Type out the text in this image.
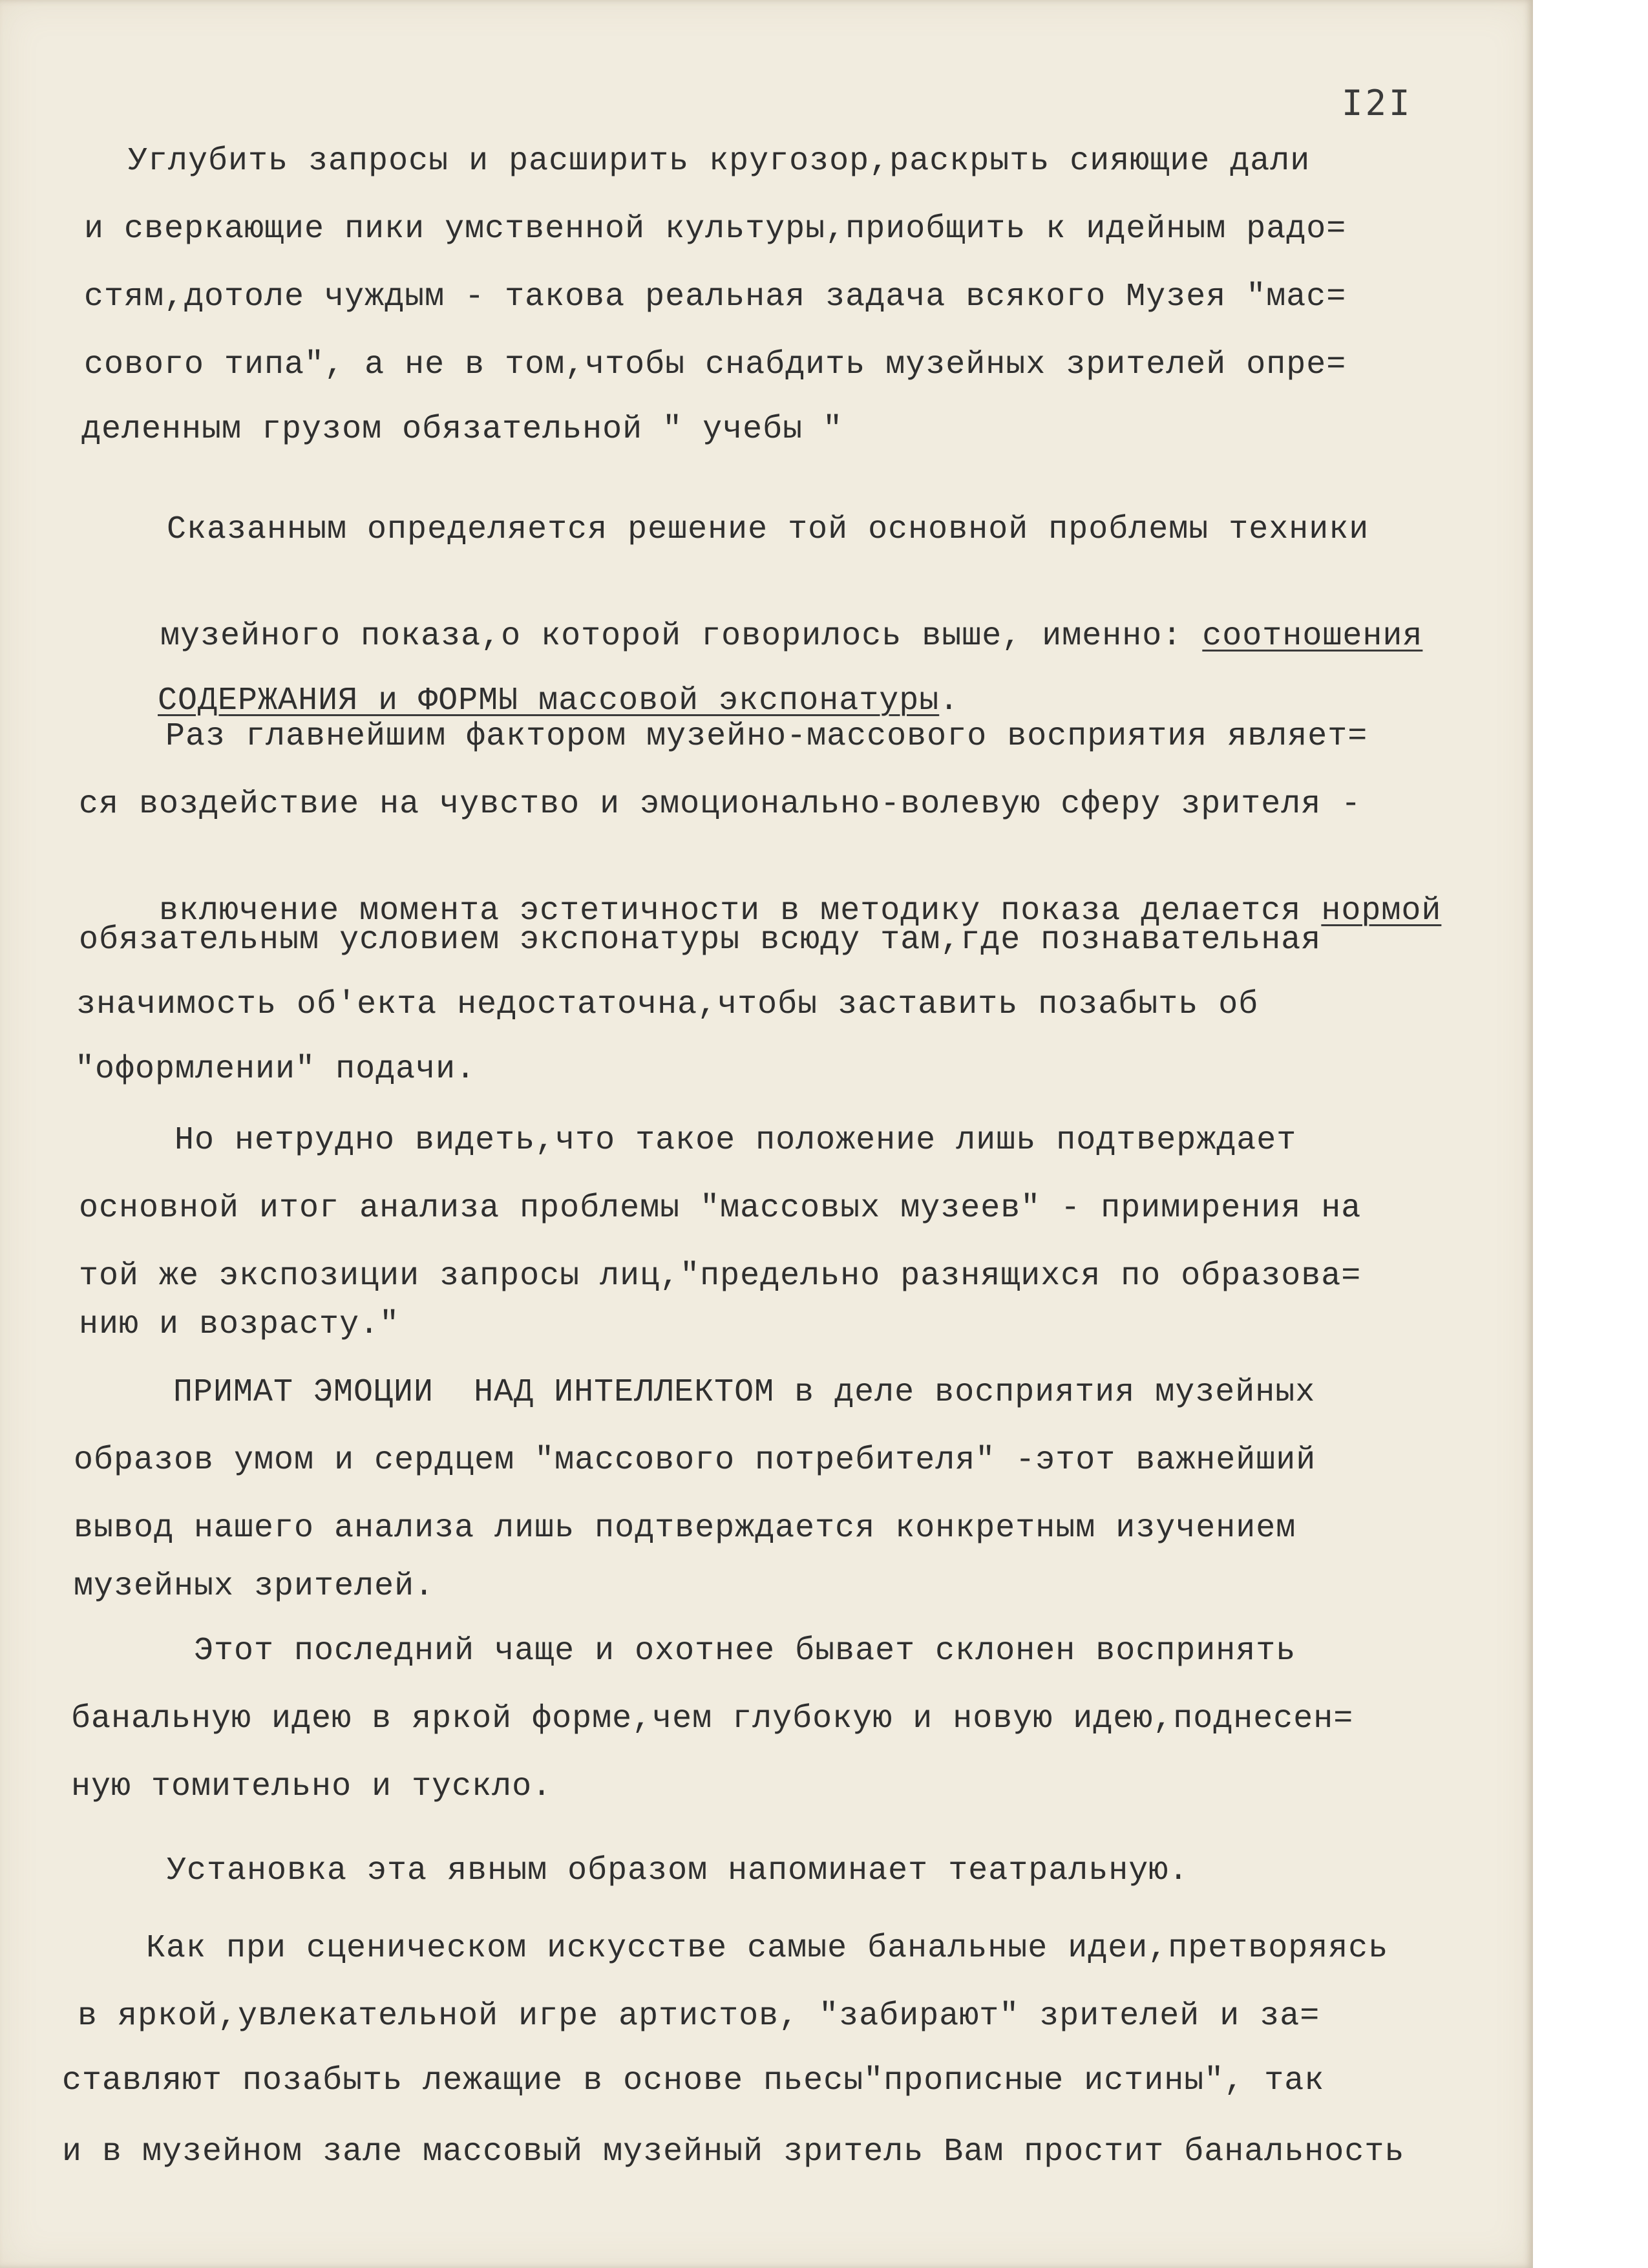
I2I
Углубить запросы и расширить кругозор,раскрыть сияющие дали
и сверкающие пики умственной культуры,приобщить к идейным радо=
стям,дотоле чуждым - такова реальная задача всякого Музея "мас=
сового типа", а не в том,чтобы снабдить музейных зрителей опре=
деленным грузом обязательной " учебы "
Сказанным определяется решение той основной проблемы техники

музейного показа,о которой говорилось выше, именно: соотношения

СОДЕРЖАНИЯ и ФОРМЫ массовой экспонатуры.

Раз главнейшим фактором музейно-массового восприятия являет=
ся воздействие на чувство и эмоционально-волевую сферу зрителя -

включение момента эстетичности в методику показа делается нормой

обязательным условием экспонатуры всюду там,где познавательная
значимость об'екта недостаточна,чтобы заставить позабыть об
"оформлении" подачи.
Но нетрудно видеть,что такое положение лишь подтверждает
основной итог анализа проблемы "массовых музеев" - примирения на
той же экспозиции запросы лиц,"предельно разнящихся по образова=
нию и возрасту."
ПРИМАТ ЭМОЦИИ  НАД ИНТЕЛЛЕКТОМ в деле восприятия музейных
образов умом и сердцем "массового потребителя" -этот важнейший
вывод нашего анализа лишь подтверждается конкретным изучением
музейных зрителей.
Этот последний чаще и охотнее бывает склонен воспринять
банальную идею в яркой форме,чем глубокую и новую идею,поднесен=
ную томительно и тускло.
Установка эта явным образом напоминает театральную.
Как при сценическом искусстве самые банальные идеи,претворяясь
в яркой,увлекательной игре артистов, "забирают" зрителей и за=
ставляют позабыть лежащие в основе пьесы"прописные истины", так
и в музейном зале массовый музейный зритель Вам простит банальность
